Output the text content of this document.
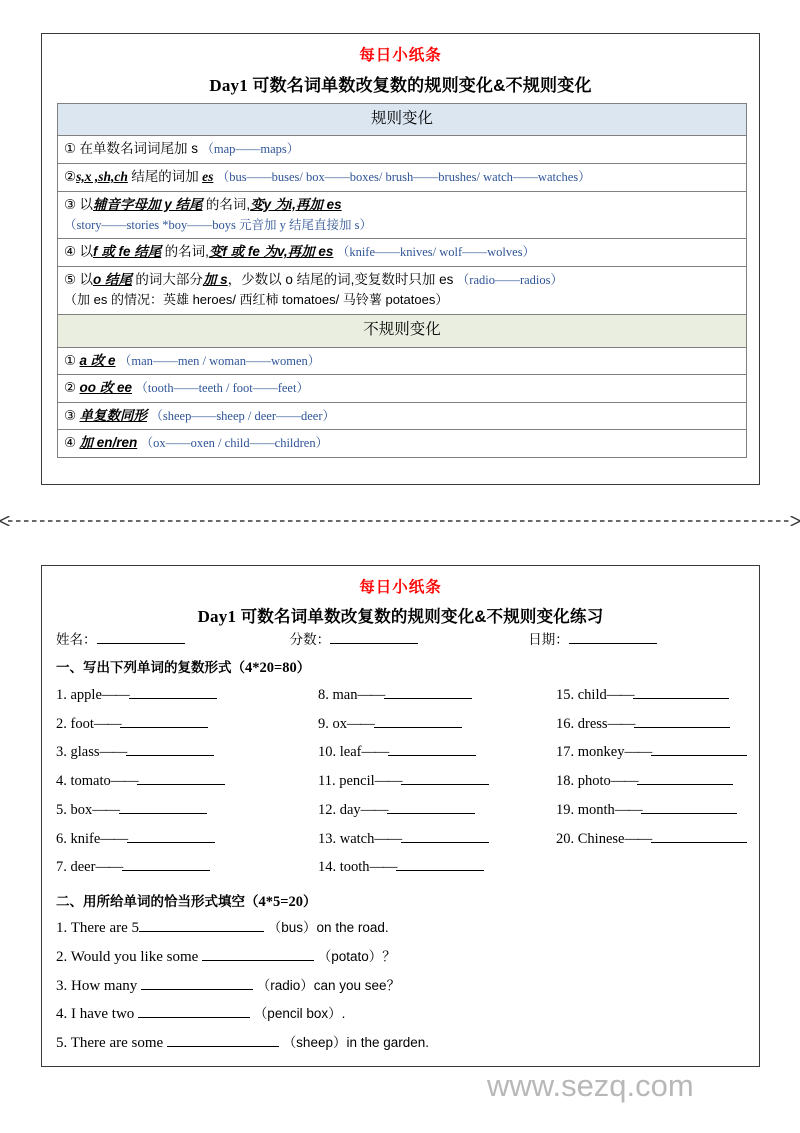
每日小纸条
Day1 可数名词单数改复数的规则变化&不规则变化
规则变化
① 在单数名词词尾加 s （map——maps）
②s,x ,sh,ch 结尾的词加 es （bus——buses/ box——boxes/ brush——brushes/ watch——watches）
③ 以辅音字母加 y 结尾 的名词,变y 为i,再加 es
（story——stories *boy——boys 元音加 y 结尾直接加 s）

④ 以f 或 fe 结尾 的名词,变f 或 fe 为v,再加 es （knife——knives/ wolf——wolves）
⑤ 以o 结尾 的词大部分加 s，少数以 o 结尾的词,变复数时只加 es （radio——radios）
（加 es 的情况：英雄 heroes/ 西红柿 tomatoes/ 马铃薯 potatoes）

不规则变化
① a 改 e （man——men / woman——women）
② oo 改 ee （tooth——teeth / foot——feet）
③ 单复数同形 （sheep——sheep / deer——deer）
④ 加 en/ren （ox——oxen / child——children）
每日小纸条
Day1 可数名词单数改复数的规则变化&不规则变化练习
姓名：	分数：	日期：
一、写出下列单词的复数形式（4*20=80）
1. apple——
2. foot——
3. glass——
4. tomato——
5. box——
6. knife——
7. deer——
8. man——
9. ox——
10. leaf——
11. pencil——
12. day——
13. watch——
14. tooth——
15. child——
16. dress——
17. monkey——
18. photo——
19. month——
20. Chinese——
二、用所给单词的恰当形式填空（4*5=20）
1. There are 5	（bus）on the road.
2. Would you like some	（potato）？
3. How many	（radio）can you see？
4. I have two	（pencil box）.
5. There are some	（sheep）in the garden.
www.sezq.com
